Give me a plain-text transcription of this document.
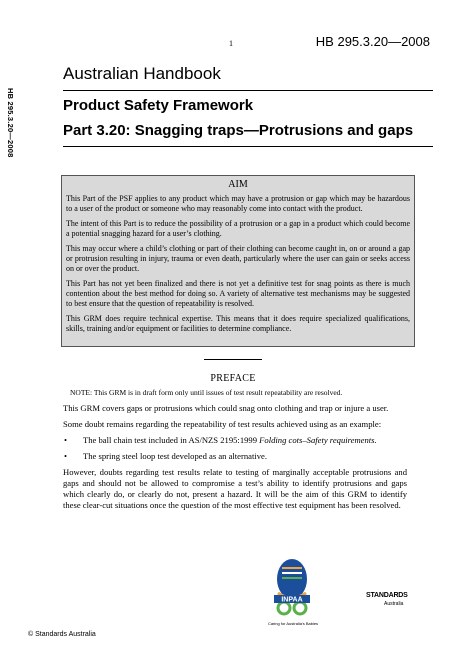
1	HB 295.3.20—2008
HB 295.3.20—2008
Australian Handbook
Product Safety Framework
Part 3.20: Snagging traps—Protrusions and gaps
AIM

This Part of the PSF applies to any product which may have a protrusion or gap which may be hazardous to a user of the product or someone who may reasonably come into contact with the product.

The intent of this Part is to reduce the possibility of a protrusion or a gap in a product which could become a potential snagging hazard for a user’s clothing.

This may occur where a child’s clothing or part of their clothing can become caught in, on or around a gap or protrusion resulting in injury, trauma or even death, particularly where the user can gain or seeks access on or over the product.

This Part has not yet been finalized and there is not yet a definitive test for snag points as there is much contention about the best method for doing so. A variety of alternative test mechanisms may be suggested to best ensure that the question of repeatability is resolved.

This GRM does require technical expertise. This means that it does require specialized qualifications, skills, training and/or equipment or facilities to determine compliance.

PREFACE
NOTE: This GRM is in draft form only until issues of test result repeatability are resolved.

This GRM covers gaps or protrusions which could snag onto clothing and trap or injure a user.

Some doubt remains regarding the repeatability of test results achieved using as an example:

•	The ball chain test included in AS/NZS 2195:1999 Folding cots–Safety requirements.
•	The spring steel loop test developed as an alternative.

However, doubts regarding test results relate to testing of marginally acceptable protrusions and gaps and should not be allowed to compromise a test’s ability to identify protrusions and gaps which clearly do, or clearly do not, present a hazard. It will be the aim of this GRM to identify these clear-cut situations once the question of the most effective test equipment has been resolved.

INPAA
Caring for Australia's Babies
STANDARDS
Australia
© Standards Australia
